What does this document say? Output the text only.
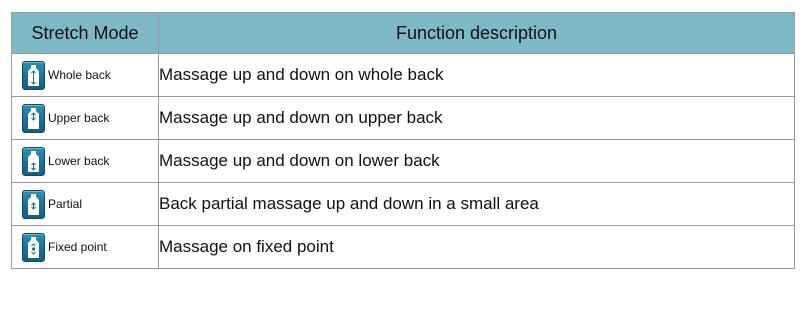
Stretch Mode	Function description

Whole back	Massage up and down on whole back

Upper back	Massage up and down on upper back

Lower back	Massage up and down on lower back

Partial	Back partial massage up and down in a small area

Fixed point	Massage on fixed point
